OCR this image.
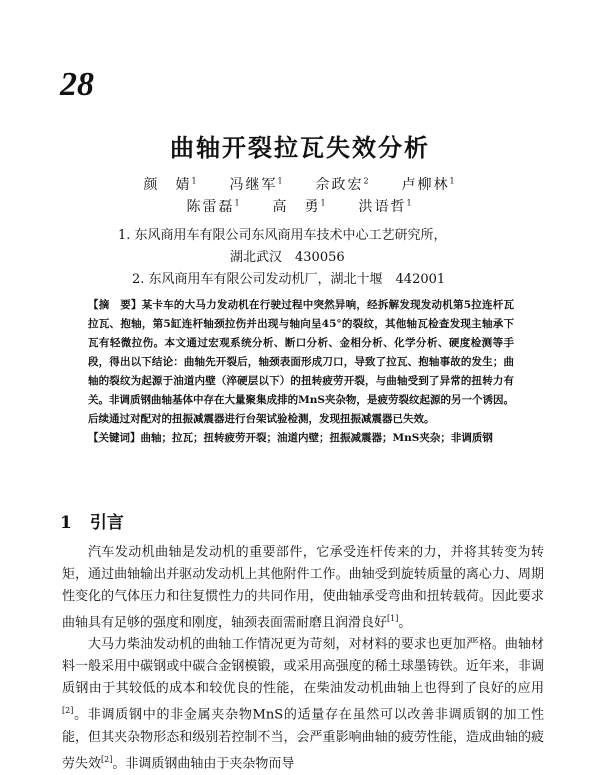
28
曲轴开裂拉瓦失效分析
颜　婧$^1$ 冯继军$^1$ 佘政宏$^2$ 卢柳林$^1$
陈雷磊$^1$ 高　勇$^1$ 洪语哲$^1$
1. 东风商用车有限公司东风商用车技术中心工艺研究所，
湖北武汉　430056
2. 东风商用车有限公司发动机厂，湖北十堰　442001

【摘　要】某卡车的大马力发动机在行驶过程中突然异响，经拆解发现发动机第5拉连杆瓦拉瓦、抱轴，第5缸连杆轴颈拉伤并出现与轴向呈45°的裂纹，其他轴瓦检查发现主轴承下瓦有轻微拉伤。本文通过宏观系统分析、断口分析、金相分析、化学分析、硬度检测等手段，得出以下结论：曲轴先开裂后，轴颈表面形成刀口，导致了拉瓦、抱轴事故的发生；曲轴的裂纹为起源于油道内壁（淬硬层以下）的扭转疲劳开裂，与曲轴受到了异常的扭转力有关。非调质钢曲轴基体中存在大量聚集成排的MnS夹杂物，是疲劳裂纹起源的另一个诱因。后续通过对配对的扭振减震器进行台架试验检测，发现扭振减震器已失效。

【关键词】曲轴；拉瓦；扭转疲劳开裂；油道内壁；扭振减震器；MnS夹杂；非调质钢

1 引言

汽车发动机曲轴是发动机的重要部件，它承受连杆传来的力，并将其转变为转矩，通过曲轴输出并驱动发动机上其他附件工作。曲轴受到旋转质量的离心力、周期性变化的气体压力和往复惯性力的共同作用，使曲轴承受弯曲和扭转载荷。因此要求曲轴具有足够的强度和刚度，轴颈表面需耐磨且润滑良好[1]。

大马力柴油发动机的曲轴工作情况更为苛刻，对材料的要求也更加严格。曲轴材料一般采用中碳钢或中碳合金钢模锻，或采用高强度的稀土球墨铸铁。近年来，非调质钢由于其较低的成本和较优良的性能，在柴油发动机曲轴上也得到了良好的应用[2]。非调质钢中的非金属夹杂物MnS的适量存在虽然可以改善非调质钢的加工性能，但其夹杂物形态和级别若控制不当，会严重影响曲轴的疲劳性能，造成曲轴的疲劳失效[2]。非调质钢曲轴由于夹杂物而导
